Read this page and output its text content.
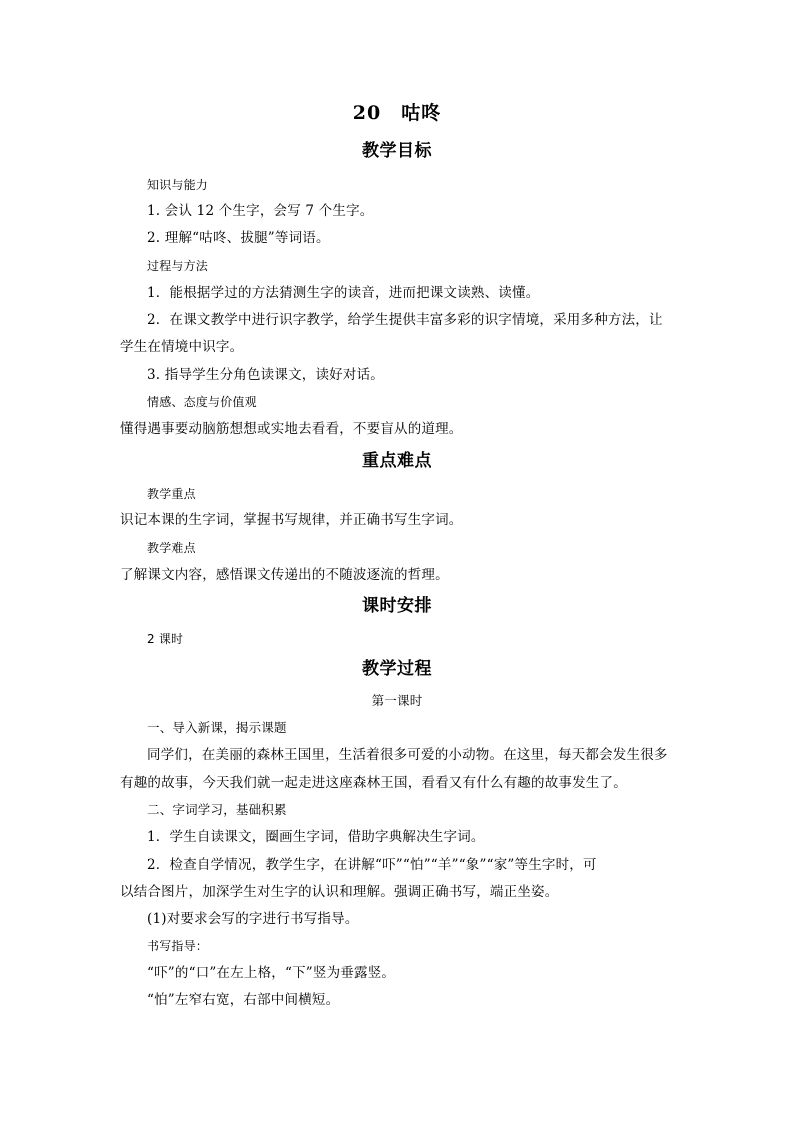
20　咕咚
教学目标
知识与能力
1. 会认 12 个生字，会写 7 个生字。
2. 理解“咕咚、拔腿”等词语。
过程与方法
1．能根据学过的方法猜测生字的读音，进而把课文读熟、读懂。
2．在课文教学中进行识字教学，给学生提供丰富多彩的识字情境，采用多种方法，让
学生在情境中识字。
3. 指导学生分角色读课文，读好对话。
情感、态度与价值观
懂得遇事要动脑筋想想或实地去看看，不要盲从的道理。
重点难点
教学重点
识记本课的生字词，掌握书写规律，并正确书写生字词。
教学难点
了解课文内容，感悟课文传递出的不随波逐流的哲理。
课时安排
2 课时
教学过程
第一课时
一、导入新课，揭示课题
同学们，在美丽的森林王国里，生活着很多可爱的小动物。在这里，每天都会发生很多
有趣的故事，今天我们就一起走进这座森林王国，看看又有什么有趣的故事发生了。
二、字词学习，基础积累
1．学生自读课文，圈画生字词，借助字典解决生字词。
2．检查自学情况，教学生字，在讲解“吓”“怕”“羊”“象”“家”等生字时，可
以结合图片，加深学生对生字的认识和理解。强调正确书写，端正坐姿。
(1)对要求会写的字进行书写指导。
书写指导：
“吓”的“口”在左上格，“下”竖为垂露竖。
“怕”左窄右宽，右部中间横短。
